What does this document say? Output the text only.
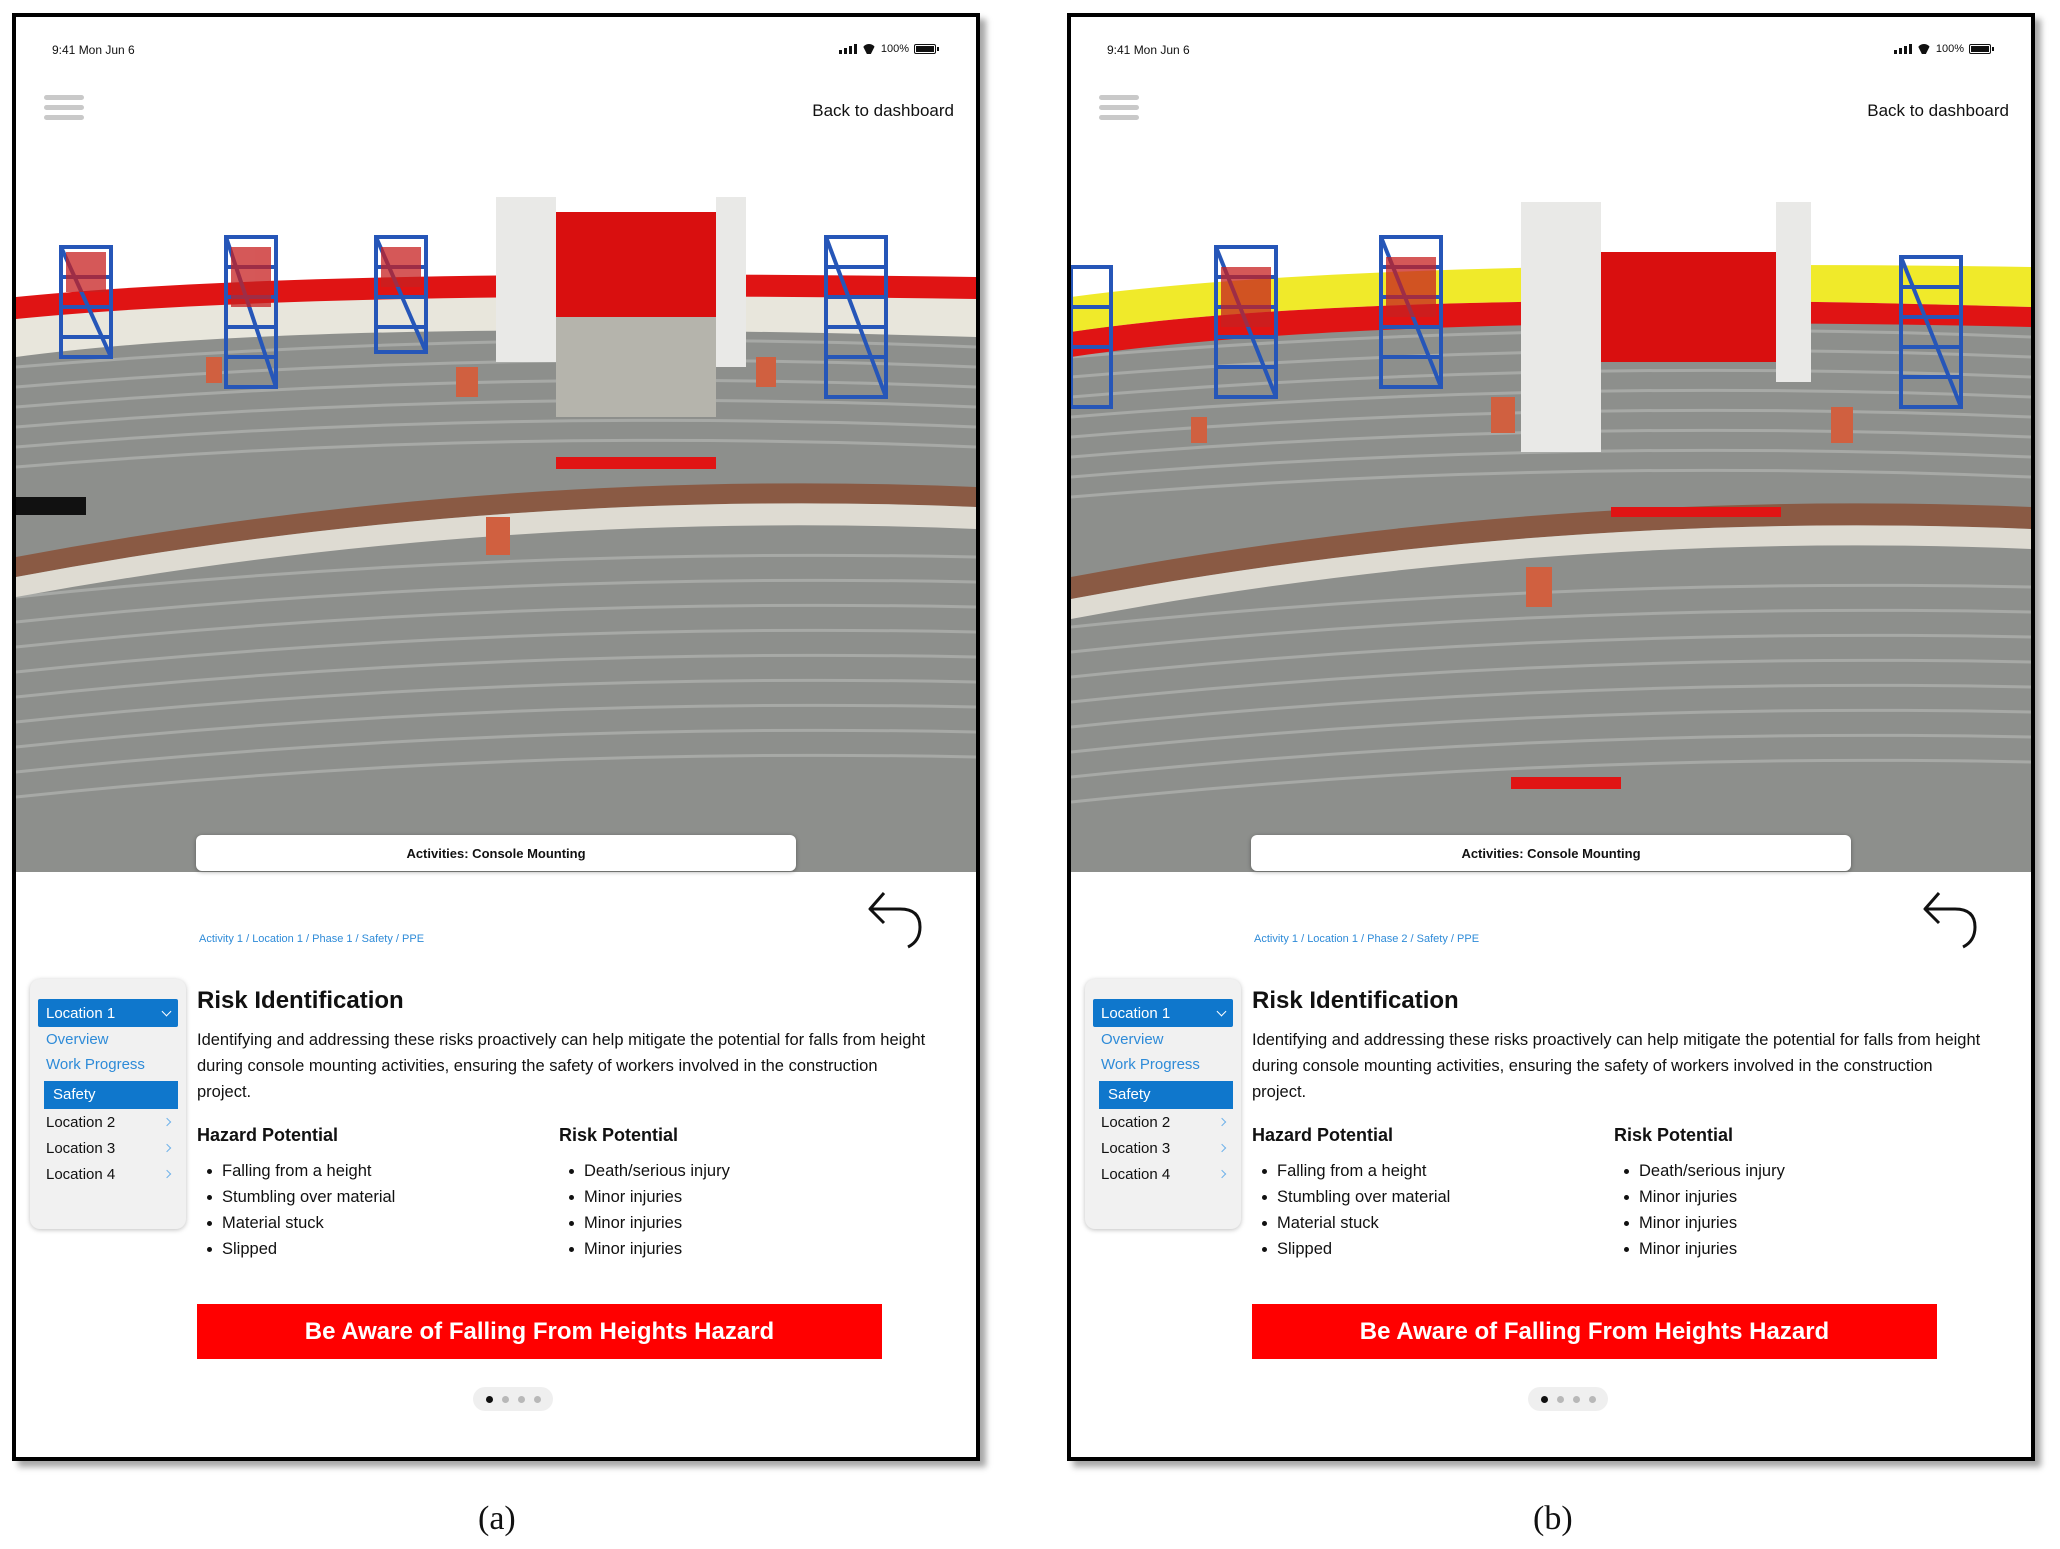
9:41 Mon Jun 6	100%
Back to dashboard
Activities: Console Mounting
Activity 1 / Location 1 / Phase 1 / Safety / PPE
Location 1
Overview
Work Progress
Safety
Location 2
Location 3
Location 4
Risk Identification
Identifying and addressing these risks proactively can help mitigate the potential for falls from height during console mounting activities, ensuring the safety of workers involved in the construction project.
Hazard Potential
Falling from a height
Stumbling over material
Material stuck
Slipped
Risk Potential
Death/serious injury
Minor injuries
Minor injuries
Minor injuries
Be Aware of Falling From Heights Hazard
9:41 Mon Jun 6	100%
Back to dashboard
Activities: Console Mounting
Activity 1 / Location 1 / Phase 2 / Safety / PPE
Location 1
Overview
Work Progress
Safety
Location 2
Location 3
Location 4
Risk Identification
Identifying and addressing these risks proactively can help mitigate the potential for falls from height during console mounting activities, ensuring the safety of workers involved in the construction project.
Hazard Potential
Falling from a height
Stumbling over material
Material stuck
Slipped
Risk Potential
Death/serious injury
Minor injuries
Minor injuries
Minor injuries
Be Aware of Falling From Heights Hazard
(a)	(b)
